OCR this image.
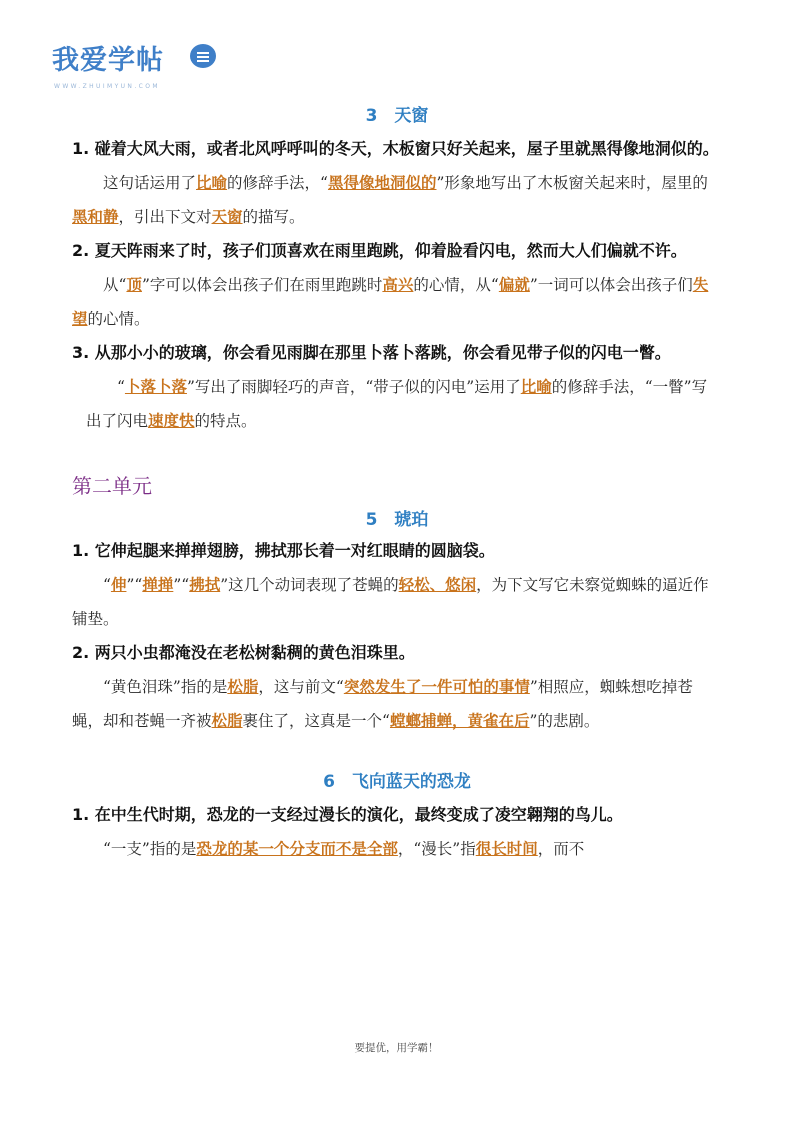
我爱学帖
WWW.ZHUIMYUN.COM
3　天窗
1. 碰着大风大雨，或者北风呼呼叫的冬天，木板窗只好关起来，屋子里就黑得像地洞似的。
这句话运用了比喻的修辞手法，“黑得像地洞似的”形象地写出了木板窗关起来时，屋里的黑和静，引出下文对天窗的描写。
2. 夏天阵雨来了时，孩子们顶喜欢在雨里跑跳，仰着脸看闪电，然而大人们偏就不许。
从“顶”字可以体会出孩子们在雨里跑跳时高兴的心情，从“偏就”一词可以体会出孩子们失望的心情。
3. 从那小小的玻璃，你会看见雨脚在那里卜落卜落跳，你会看见带子似的闪电一瞥。
“卜落卜落”写出了雨脚轻巧的声音，“带子似的闪电”运用了比喻的修辞手法，“一瞥”写出了闪电速度快的特点。
第二单元
5　琥珀
1. 它伸起腿来掸掸翅膀，拂拭那长着一对红眼睛的圆脑袋。
“伸”“掸掸”“拂拭”这几个动词表现了苍蝇的轻松、悠闲，为下文写它未察觉蜘蛛的逼近作铺垫。
2. 两只小虫都淹没在老松树黏稠的黄色泪珠里。
“黄色泪珠”指的是松脂，这与前文“突然发生了一件可怕的事情”相照应，蜘蛛想吃掉苍蝇，却和苍蝇一齐被松脂裹住了，这真是一个“螳螂捕蝉，黄雀在后”的悲剧。
6　飞向蓝天的恐龙
1. 在中生代时期，恐龙的一支经过漫长的演化，最终变成了凌空翱翔的鸟儿。
“一支”指的是恐龙的某一个分支而不是全部，“漫长”指很长时间，而不
要提优，用学霸！
